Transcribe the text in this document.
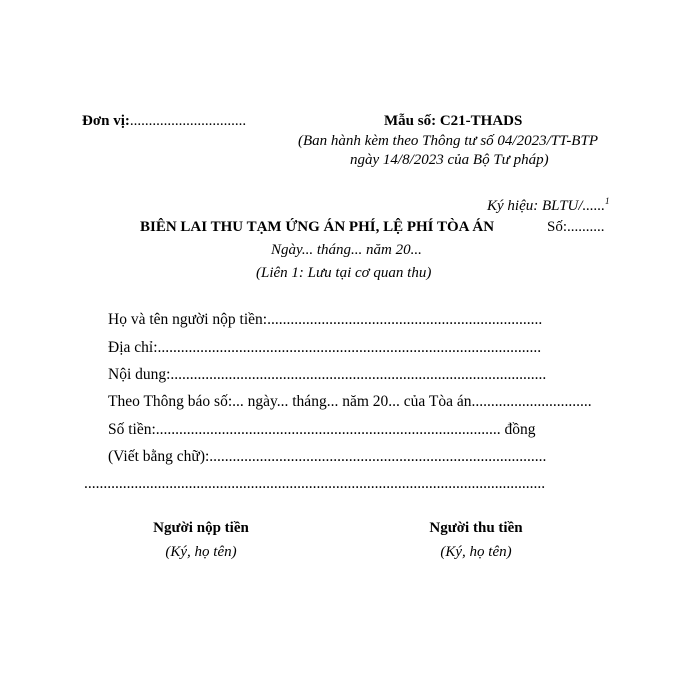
Đơn vị:...............................	Mẫu số: C21-THADS
(Ban hành kèm theo Thông tư số 04/2023/TT-BTP
ngày 14/8/2023 của Bộ Tư pháp)
Ký hiệu: BLTU/......$^1$
BIÊN LAI THU TẠM ỨNG ÁN PHÍ, LỆ PHÍ TÒA ÁN	Số:..........
Ngày... tháng... năm 20...
(Liên 1: Lưu tại cơ quan thu)
Họ và tên người nộp tiền:.......................................................................
Địa chỉ:...................................................................................................
Nội dung:.................................................................................................
Theo Thông báo số:... ngày... tháng... năm 20... của Tòa án...............................
Số tiền:......................................................................................... đồng
(Viết bằng chữ):.......................................................................................
.......................................................................................................................
Người nộp tiền
(Ký, họ tên)
Người thu tiền
(Ký, họ tên)
